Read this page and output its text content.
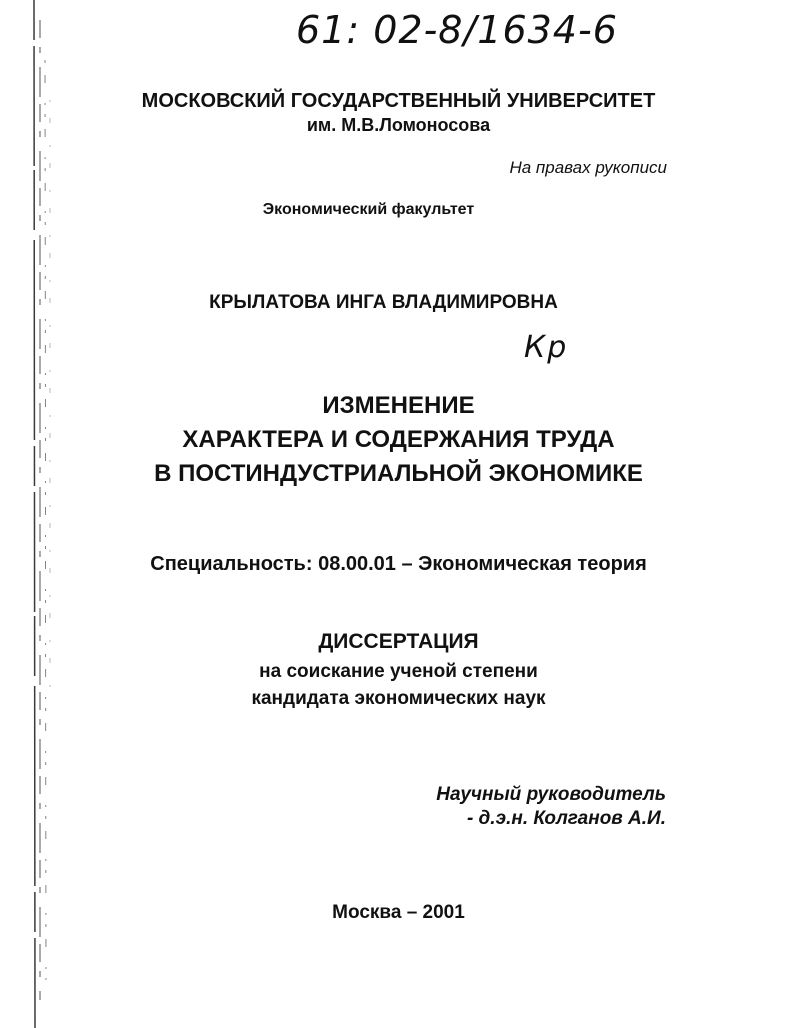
61: 02-8/1634-6
МОСКОВСКИЙ ГОСУДАРСТВЕННЫЙ УНИВЕРСИТЕТ
им. М.В.Ломоносова
На правах рукописи
Экономический факультет
КРЫЛАТОВА ИНГА ВЛАДИМИРОВНА
Кр
ИЗМЕНЕНИЕ
ХАРАКТЕРА И СОДЕРЖАНИЯ ТРУДА
В ПОСТИНДУСТРИАЛЬНОЙ ЭКОНОМИКЕ
Специальность: 08.00.01 – Экономическая теория
ДИССЕРТАЦИЯ
на соискание ученой степени
кандидата экономических наук
Научный руководитель
- д.э.н. Колганов А.И.
Москва – 2001
